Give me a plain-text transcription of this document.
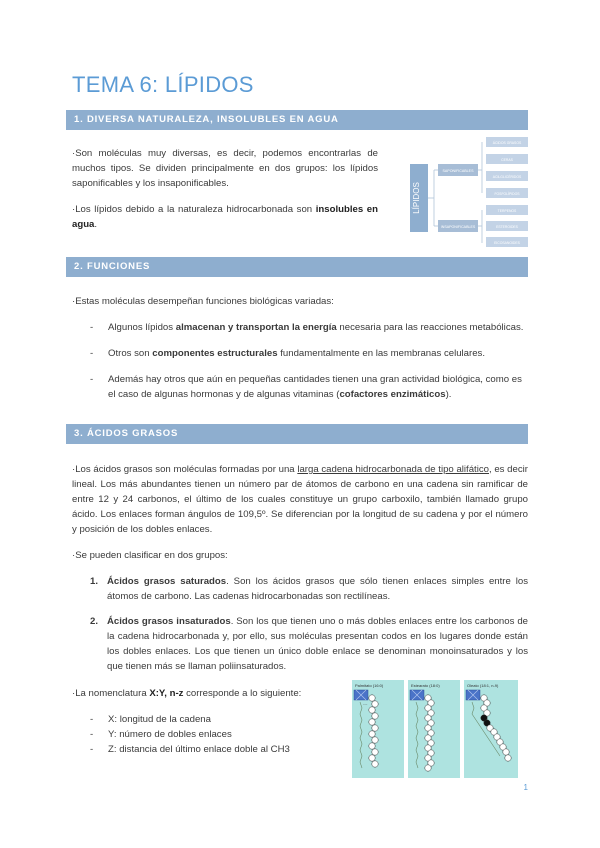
TEMA 6: LÍPIDOS
1. DIVERSA NATURALEZA, INSOLUBLES EN AGUA
·Son moléculas muy diversas, es decir, podemos encontrarlas de muchos tipos. Se dividen principalmente en dos grupos: los lípidos saponificables y los insaponificables.
·Los lípidos debido a la naturaleza hidrocarbonada son insolubles en agua.
LÍPIDOS
SAPONIFICABLES
INSAPONIFICABLES
ÁCIDOS GRASOS
CERAS
ACILGLICÉRIDOS
FOSFOLÍPIDOS
TERPENOS
ESTEROIDES
EICOSANOIDES
2. FUNCIONES
·Estas moléculas desempeñan funciones biológicas variadas:
- Algunos lípidos almacenan y transportan la energía necesaria para las reacciones metabólicas.
- Otros son componentes estructurales fundamentalmente en las membranas celulares.
- Además hay otros que aún en pequeñas cantidades tienen una gran actividad biológica, como es el caso de algunas hormonas y de algunas vitaminas (cofactores enzimáticos).
3. ÁCIDOS GRASOS
·Los ácidos grasos son moléculas formadas por una larga cadena hidrocarbonada de tipo alifático, es decir lineal. Los más abundantes tienen un número par de átomos de carbono en una cadena sin ramificar de entre 12 y 24 carbonos, el último de los cuales constituye un grupo carboxilo, también llamado grupo ácido. Los enlaces forman ángulos de 109,5º. Se diferencian por la longitud de su cadena y por el número y posición de los dobles enlaces.
·Se pueden clasificar en dos grupos:
1. Ácidos grasos saturados. Son los ácidos grasos que sólo tienen enlaces simples entre los átomos de carbono. Las cadenas hidrocarbonadas son rectilíneas.
2. Ácidos grasos insaturados. Son los que tienen uno o más dobles enlaces entre los carbonos de la cadena hidrocarbonada y, por ello, sus moléculas presentan codos en los lugares donde están los dobles enlaces. Los que tienen un único doble enlace se denominan monoinsaturados y los que tienen más se llaman poliinsaturados.
·La nomenclatura X:Y, n-z corresponde a lo siguiente:
- X: longitud de la cadena
- Y: número de dobles enlaces
- Z: distancia del último enlace doble al CH3
Palmitato (16:0)
~~~
Estearato (18:0)	Oleato (18:1, n-9)
1
